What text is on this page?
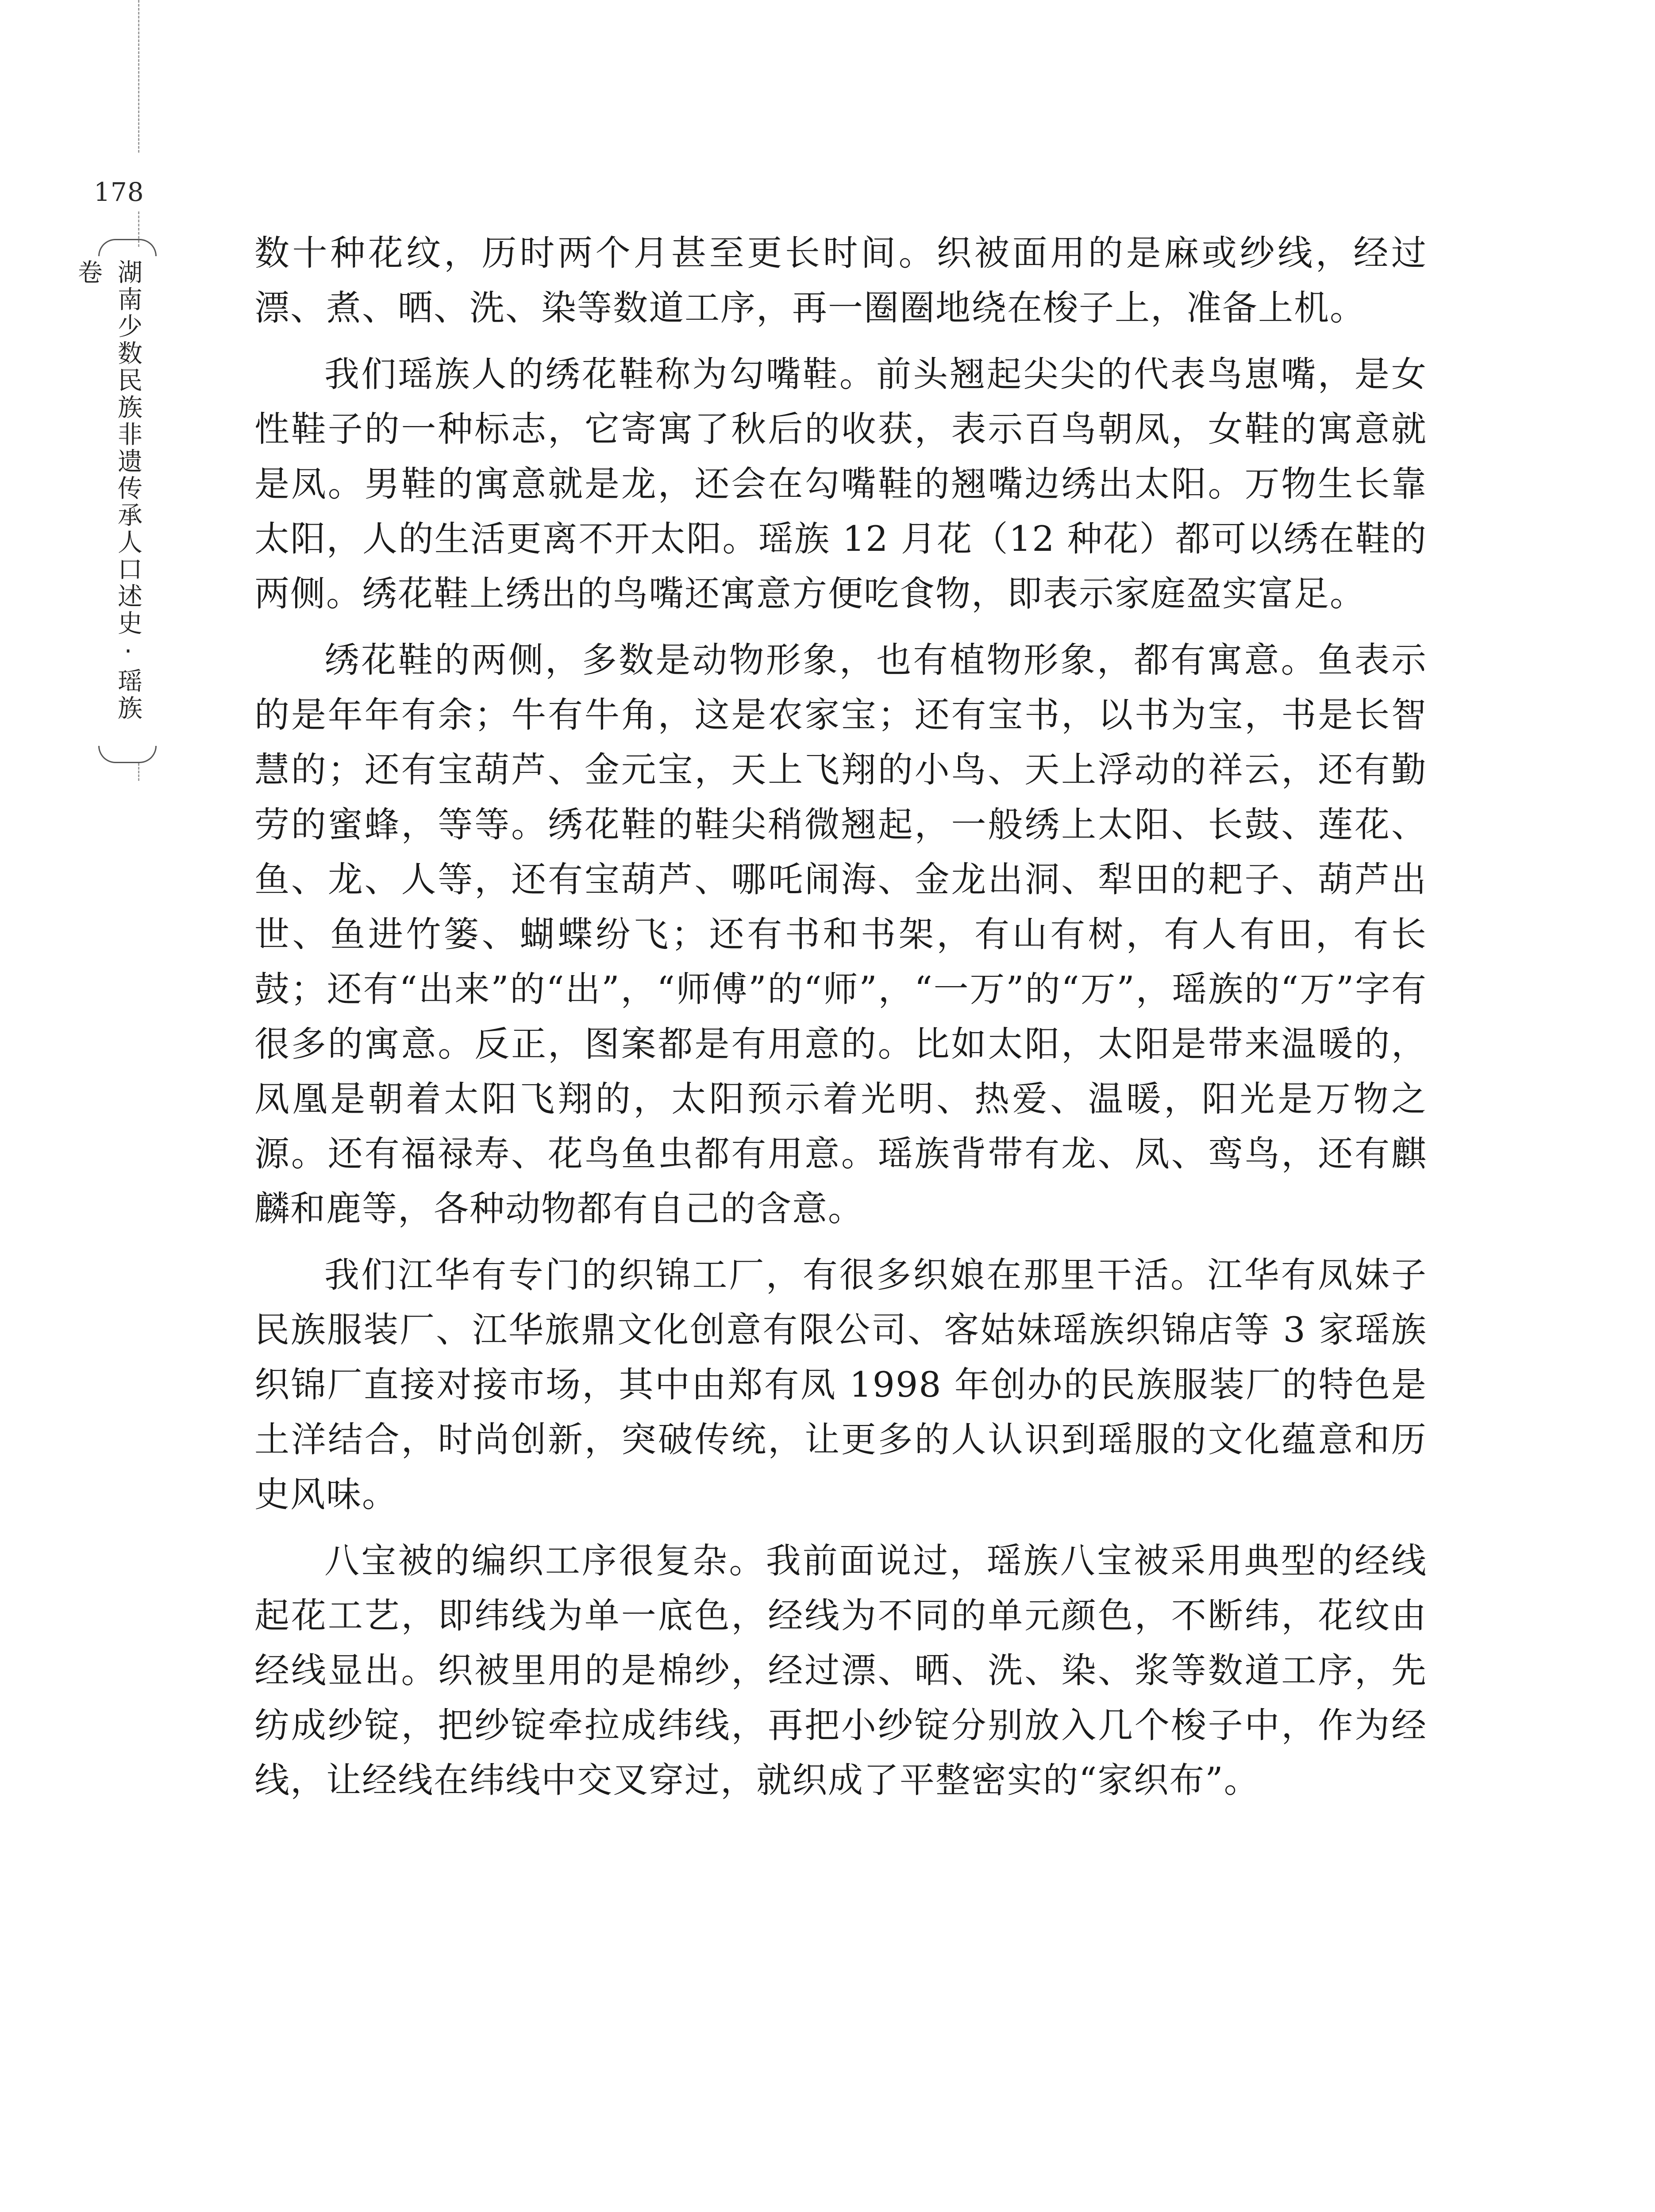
178
湖南少数民族非遗传承人口述史·瑶族卷	数十种花纹，历时两个月甚至更长时间。织被面用的是麻或纱线，经过漂、煮、晒、洗、染等数道工序，再一圈圈地绕在梭子上，准备上机。

我们瑶族人的绣花鞋称为勾嘴鞋。前头翘起尖尖的代表鸟崽嘴，是女性鞋子的一种标志，它寄寓了秋后的收获，表示百鸟朝凤，女鞋的寓意就是凤。男鞋的寓意就是龙，还会在勾嘴鞋的翘嘴边绣出太阳。万物生长靠太阳，人的生活更离不开太阳。瑶族 12 月花（12 种花）都可以绣在鞋的两侧。绣花鞋上绣出的鸟嘴还寓意方便吃食物，即表示家庭盈实富足。

绣花鞋的两侧，多数是动物形象，也有植物形象，都有寓意。鱼表示的是年年有余；牛有牛角，这是农家宝；还有宝书，以书为宝，书是长智慧的；还有宝葫芦、金元宝，天上飞翔的小鸟、天上浮动的祥云，还有勤劳的蜜蜂，等等。绣花鞋的鞋尖稍微翘起，一般绣上太阳、长鼓、莲花、鱼、龙、人等，还有宝葫芦、哪吒闹海、金龙出洞、犁田的耙子、葫芦出世、鱼进竹篓、蝴蝶纷飞；还有书和书架，有山有树，有人有田，有长鼓；还有“出来”的“出”，“师傅”的“师”，“一万”的“万”，瑶族的“万”字有很多的寓意。反正，图案都是有用意的。比如太阳，太阳是带来温暖的，凤凰是朝着太阳飞翔的，太阳预示着光明、热爱、温暖，阳光是万物之源。还有福禄寿、花鸟鱼虫都有用意。瑶族背带有龙、凤、鸾鸟，还有麒麟和鹿等，各种动物都有自己的含意。

我们江华有专门的织锦工厂，有很多织娘在那里干活。江华有凤妹子民族服装厂、江华旅鼎文化创意有限公司、客姑妹瑶族织锦店等 3 家瑶族织锦厂直接对接市场，其中由郑有凤 1998 年创办的民族服装厂的特色是土洋结合，时尚创新，突破传统，让更多的人认识到瑶服的文化蕴意和历史风味。

八宝被的编织工序很复杂。我前面说过，瑶族八宝被采用典型的经线起花工艺，即纬线为单一底色，经线为不同的单元颜色，不断纬，花纹由经线显出。织被里用的是棉纱，经过漂、晒、洗、染、浆等数道工序，先纺成纱锭，把纱锭牵拉成纬线，再把小纱锭分别放入几个梭子中，作为经线，让经线在纬线中交叉穿过，就织成了平整密实的“家织布”。
